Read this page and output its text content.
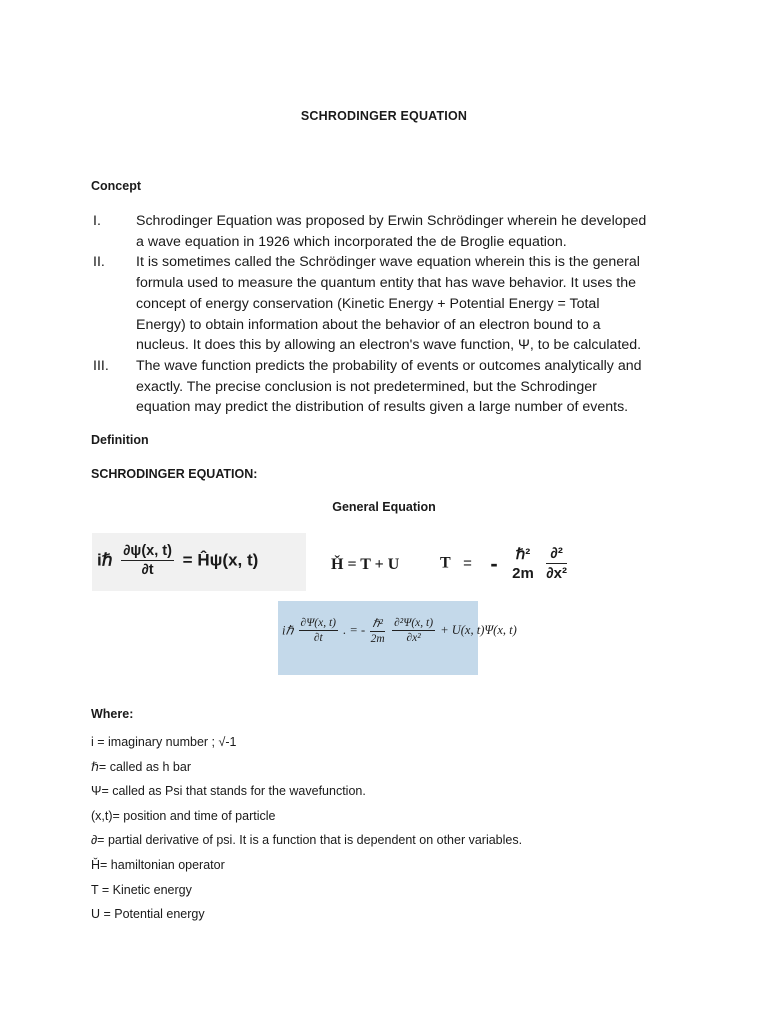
SCHRODINGER EQUATION
Concept
I. Schrodinger Equation was proposed by Erwin Schrödinger wherein he developed
a wave equation in 1926 which incorporated the de Broglie equation.
II. It is sometimes called the Schrödinger wave equation wherein this is the general
formula used to measure the quantum entity that has wave behavior. It uses the
concept of energy conservation (Kinetic Energy + Potential Energy = Total
Energy) to obtain information about the behavior of an electron bound to a
nucleus. It does this by allowing an electron's wave function, Ψ, to be calculated.
III. The wave function predicts the probability of events or outcomes analytically and
exactly. The precise conclusion is not predetermined, but the Schrodinger
equation may predict the distribution of results given a large number of events.
Definition
SCHRODINGER EQUATION:
General Equation
iℏ $\frac{\partial\psi(x, t)}{\partial t}$ = Ĥψ(x, t)	Ȟ = T + U	T = - ℏ²
2m
$\frac{\text{∂²}}{\text{∂x²}}$
iℏ $\frac{\partial\Psi(x, t)}{\partial t}$ . = - $\frac{\text{ℏ²}}{2m}$
$\frac{\text{∂²Ψ(x, t)}}{\text{∂x²}} + U(x$, t)Ψ(x, t)
Where:
i = imaginary number ; √-1
ℏ= called as h bar
Ψ= called as Psi that stands for the wavefunction.
(x,t)= position and time of particle
∂= partial derivative of psi. It is a function that is dependent on other variables.
Ȟ= hamiltonian operator
T = Kinetic energy
U = Potential energy
